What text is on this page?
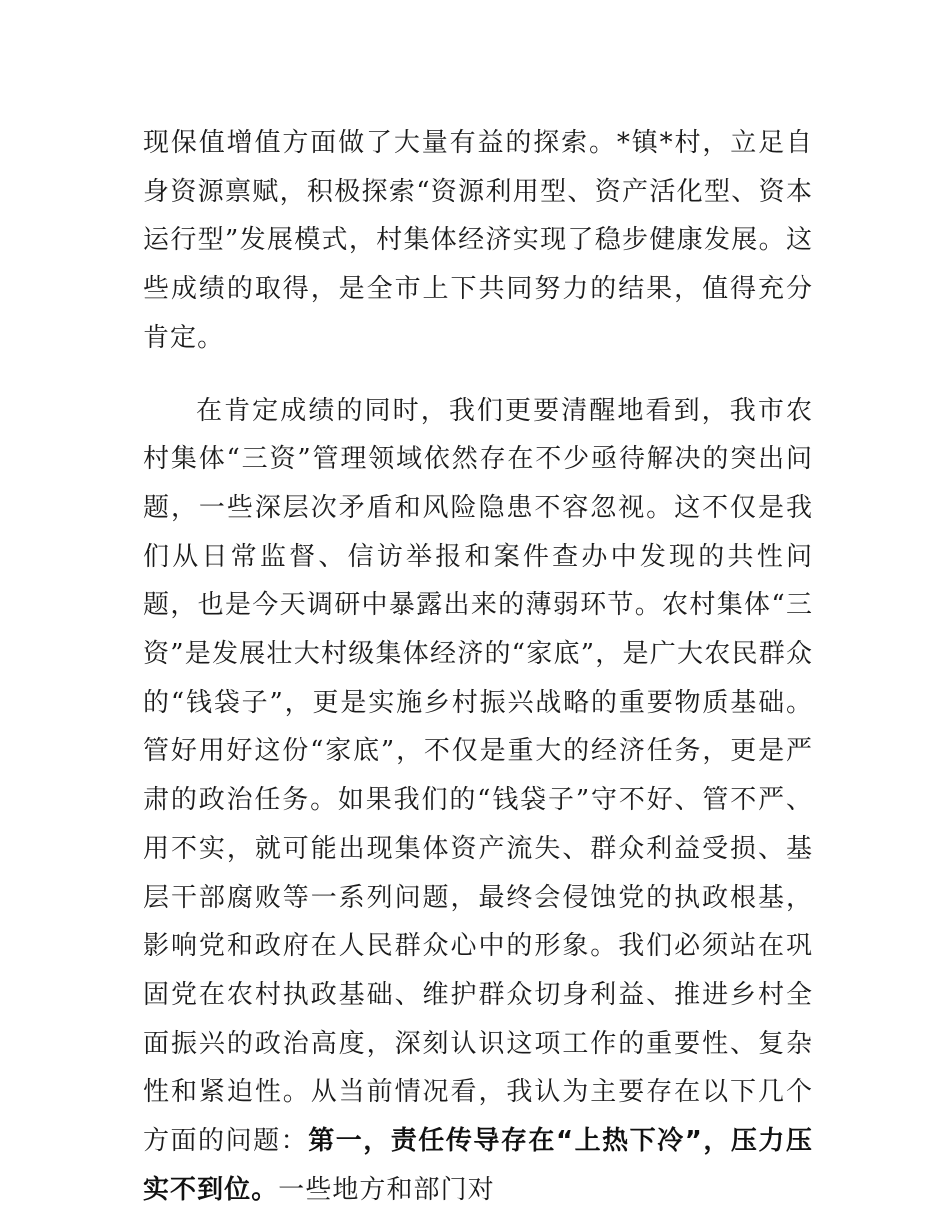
现保值增值方面做了大量有益的探索。*镇*村，立足自身资源禀赋，积极探索“资源利用型、资产活化型、资本运行型”发展模式，村集体经济实现了稳步健康发展。这些成绩的取得，是全市上下共同努力的结果，值得充分肯定。

在肯定成绩的同时，我们更要清醒地看到，我市农村集体“三资”管理领域依然存在不少亟待解决的突出问题，一些深层次矛盾和风险隐患不容忽视。这不仅是我们从日常监督、信访举报和案件查办中发现的共性问题，也是今天调研中暴露出来的薄弱环节。农村集体“三资”是发展壮大村级集体经济的“家底”，是广大农民群众的“钱袋子”，更是实施乡村振兴战略的重要物质基础。管好用好这份“家底”，不仅是重大的经济任务，更是严肃的政治任务。如果我们的“钱袋子”守不好、管不严、用不实，就可能出现集体资产流失、群众利益受损、基层干部腐败等一系列问题，最终会侵蚀党的执政根基，影响党和政府在人民群众心中的形象。我们必须站在巩固党在农村执政基础、维护群众切身利益、推进乡村全面振兴的政治高度，深刻认识这项工作的重要性、复杂性和紧迫性。从当前情况看，我认为主要存在以下几个方面的问题：第一，责任传导存在“上热下冷”，压力压实不到位。一些地方和部门对
